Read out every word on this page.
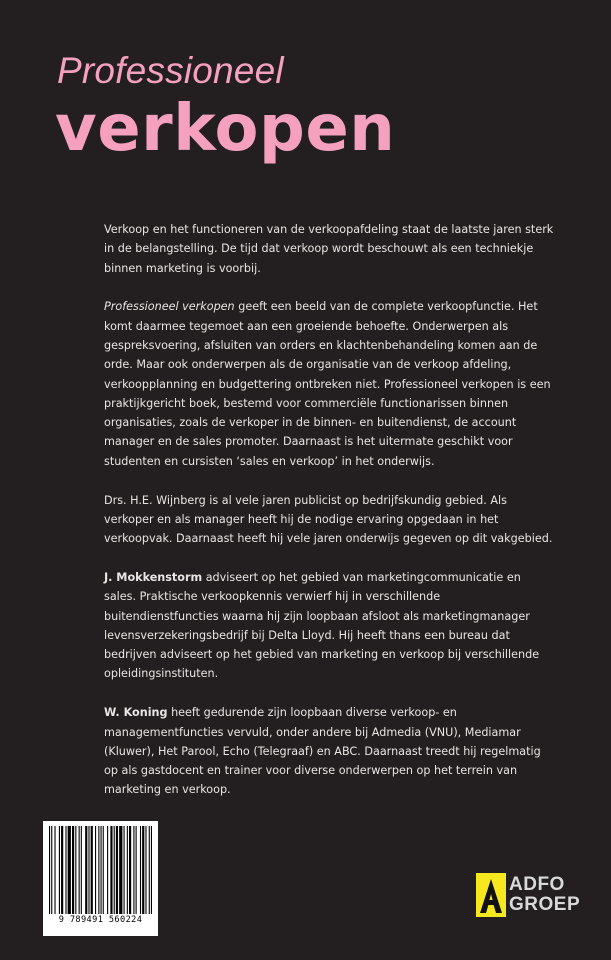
Professioneel
verkopen

Verkoop en het functioneren van de verkoopafdeling staat de laatste jaren sterk in de belangstelling. De tijd dat verkoop wordt beschouwt als een techniekje binnen marketing is voorbij.

Professioneel verkopen geeft een beeld van de complete verkoopfunctie. Het komt daarmee tegemoet aan een groeiende behoefte. Onderwerpen als gespreksvoering, afsluiten van orders en klachtenbehandeling komen aan de orde. Maar ook onderwerpen als de organisatie van de verkoop afdeling, verkoopplanning en budgettering ontbreken niet. Professioneel verkopen is een praktijkgericht boek, bestemd voor commerciële functionarissen binnen organisaties, zoals de verkoper in de binnen- en buitendienst, de account manager en de sales promoter. Daarnaast is het uitermate geschikt voor studenten en cursisten ‘sales en verkoop’ in het onderwijs.

Drs. H.E. Wijnberg is al vele jaren publicist op bedrijfskundig gebied. Als verkoper en als manager heeft hij de nodige ervaring opgedaan in het verkoopvak. Daarnaast heeft hij vele jaren onderwijs gegeven op dit vakgebied.

J. Mokkenstorm adviseert op het gebied van marketingcommunicatie en sales. Praktische verkoopkennis verwierf hij in verschillende buitendienstfuncties waarna hij zijn loopbaan afsloot als marketingmanager levensverzekeringsbedrijf bij Delta Lloyd. Hij heeft thans een bureau dat bedrijven adviseert op het gebied van marketing en verkoop bij verschillende opleidingsinstituten.

W. Koning heeft gedurende zijn loopbaan diverse verkoop- en managementfuncties vervuld, onder andere bij Admedia (VNU), Mediamar (Kluwer), Het Parool, Echo (Telegraaf) en ABC. Daarnaast treedt hij regelmatig op als gastdocent en trainer voor diverse onderwerpen op het terrein van marketing en verkoop.

9 789491 560224
ADFO
GROEP
